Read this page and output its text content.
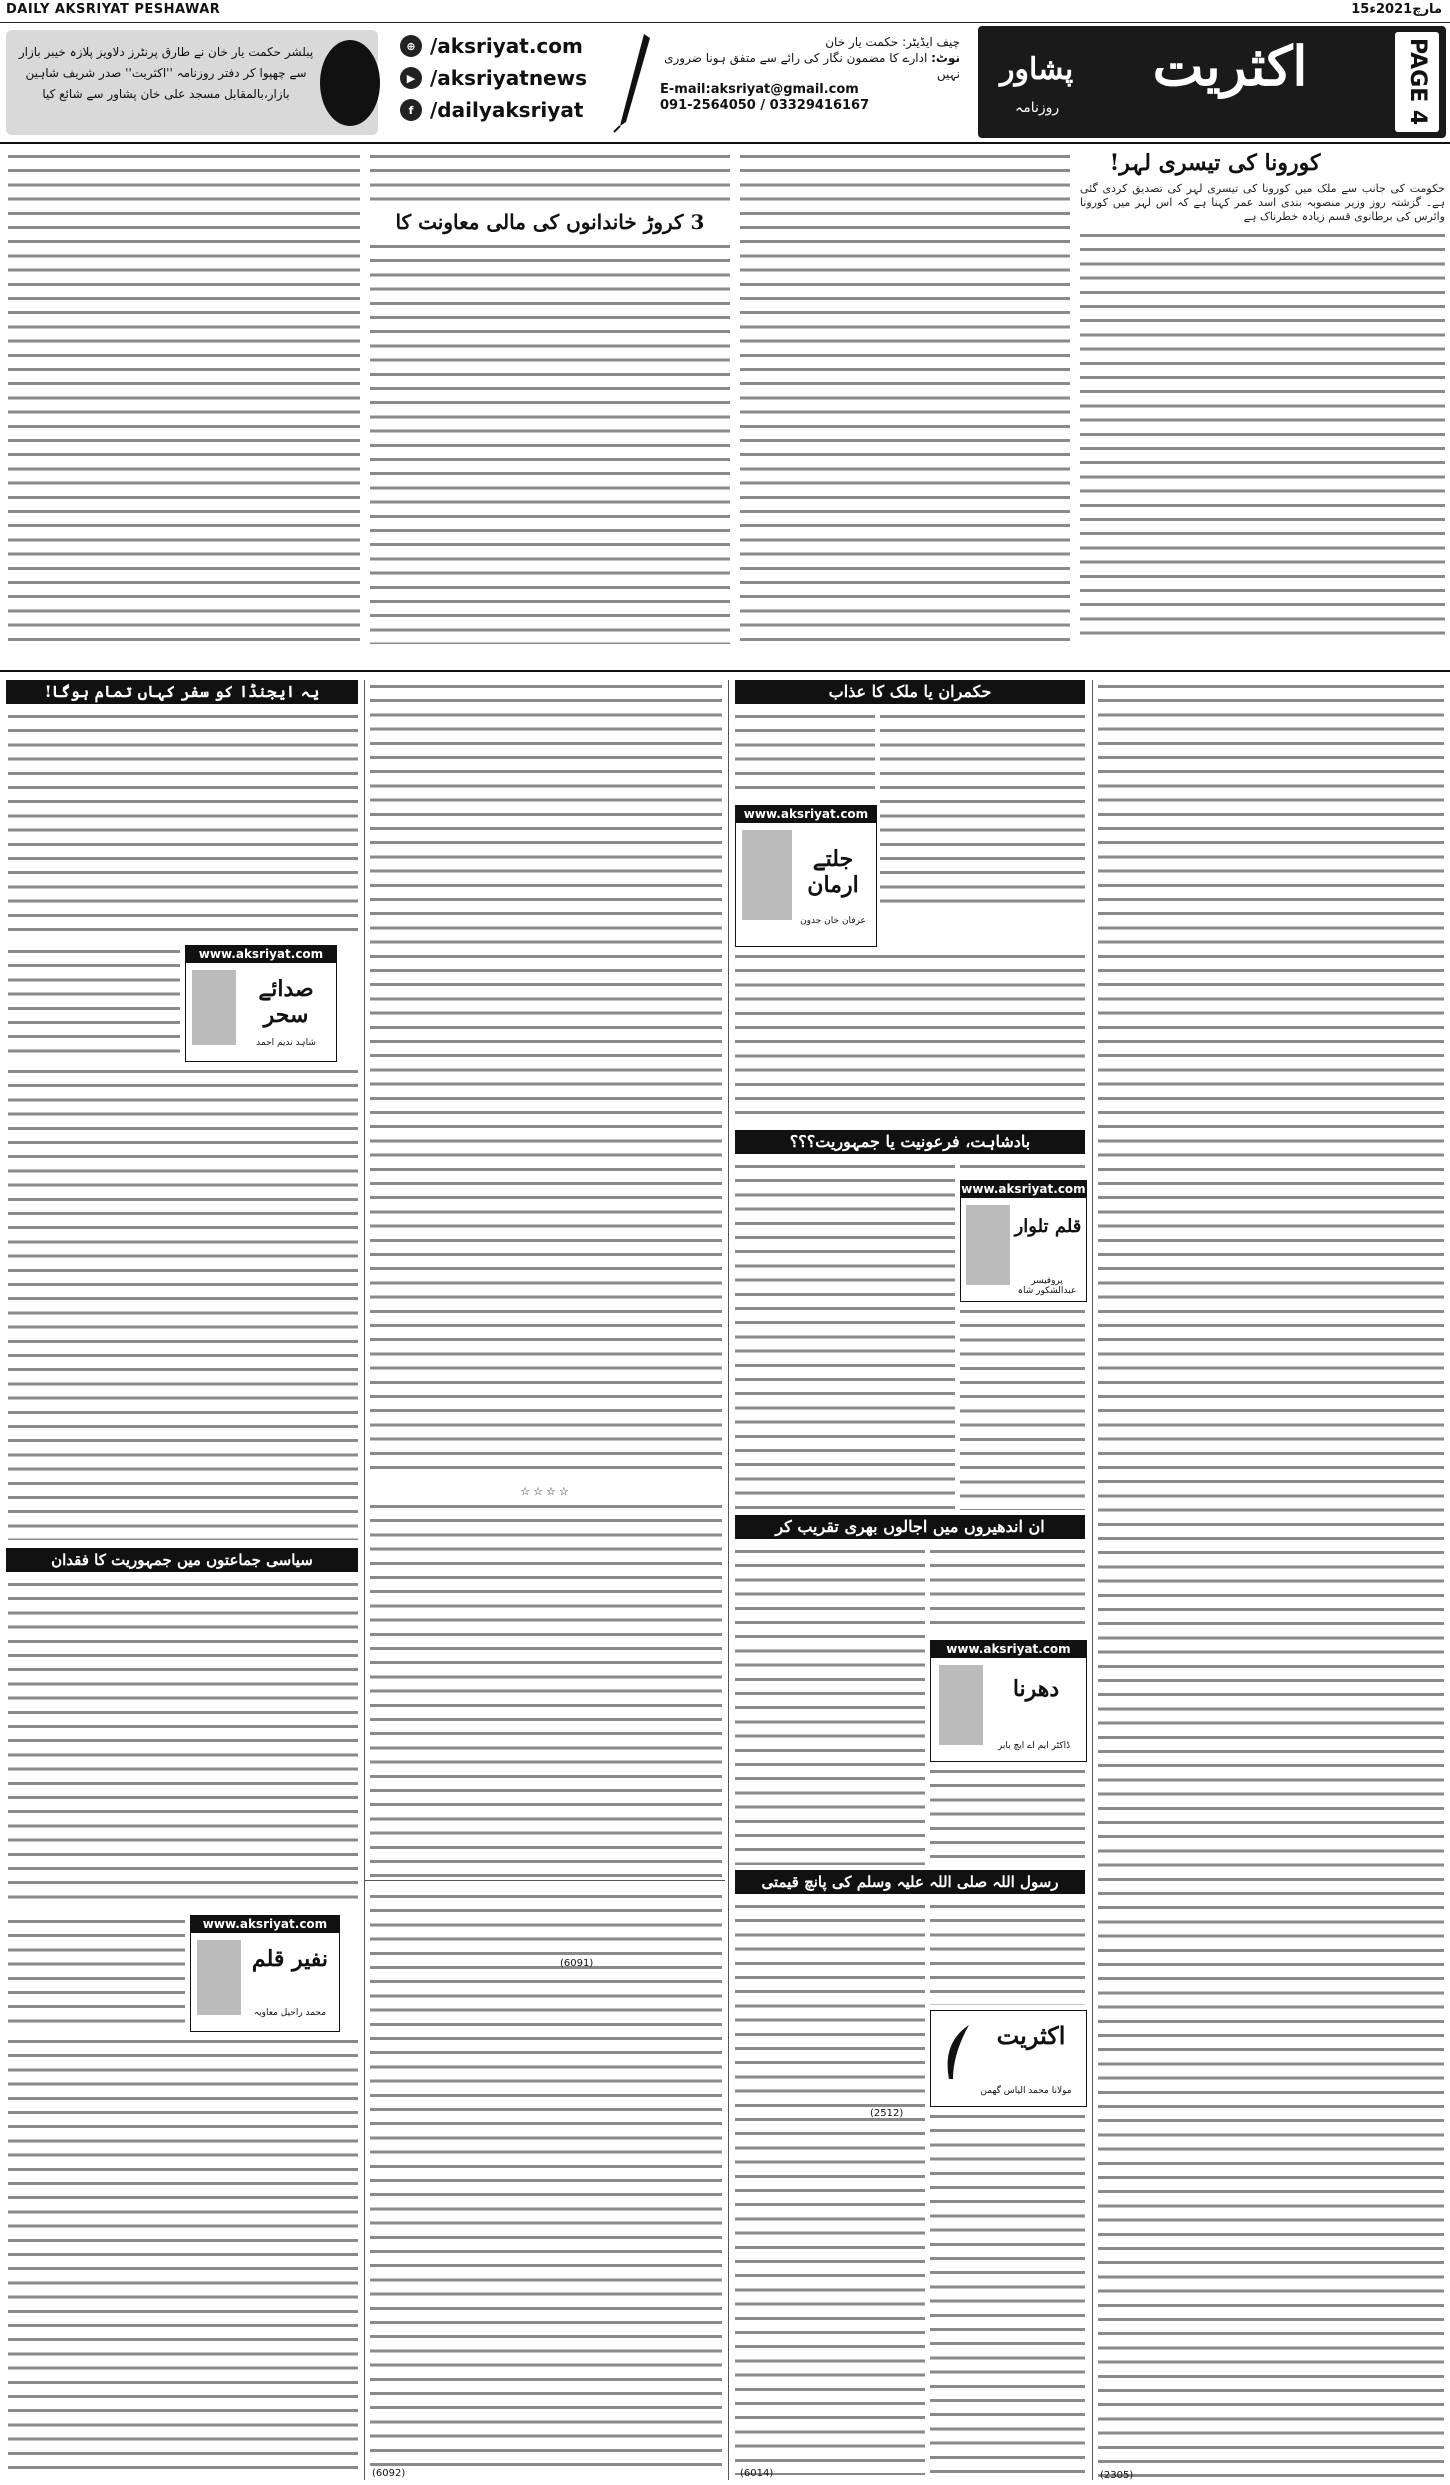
DAILY AKSRIYAT PESHAWAR	15مارچ2021ء
اکثریت
پشاور
روزنامہ	PAGE 4
چیف ایڈیٹر: حکمت یار خان
نوٹ: ادارے کا مضمون نگار کی رائے سے متفق ہونا ضروری نہیں
E-mail:aksriyat@gmail.com
091-2564050 / 03329416167
⊕ /aksriyat.com
▶ /aksriyatnews
f /dailyaksriyat
پبلشر حکمت یار خان نے طارق پرنٹرز دلاویز پلازہ خیبر بازار سے چھپوا کر دفتر روزنامہ ''اکثریت'' صدر شریف شاہین بازار،بالمقابل مسجد علی خان پشاور سے شائع کیا
کورونا کی تیسری لہر!
حکومت کی جانب سے ملک میں کورونا کی تیسری لہر کی تصدیق کردی گئی ہے۔ گزشتہ روز وزیر منصوبہ بندی اسد عمر کہنا ہے کہ اس لہر میں کورونا وائرس کی برطانوی قسم زیادہ خطرناک ہے
3 کروڑ خاندانوں کی مالی معاونت کا
(2305)
حکمران یا ملک کا عذاب
www.aksriyat.com
جلتے ارمان
عرفان خان جدون
بادشاہت، فرعونیت یا جمہوریت؟؟؟
www.aksriyat.com
قلم تلوار
پروفیسر عبدالشکور شاہ
ان اندھیروں میں اجالوں بھری تقریب کر
www.aksriyat.com
دھرنا
ڈاکٹر ایم اے ایچ بابر
رسول اللہ صلی اللہ علیہ وسلم کی پانچ قیمتی
اکثریت
مولانا محمد الیاس گھمن
(2512)
(6014)
☆☆☆☆
(6091)
(6092)
یہ ایجنڈا کو سفر کہاں تمام ہوگا!
www.aksriyat.com
صدائے سحر
شاہد ندیم احمد
سیاسی جماعتوں میں جمہوریت کا فقدان
www.aksriyat.com
نفیر قلم
محمد راحیل معاویہ
